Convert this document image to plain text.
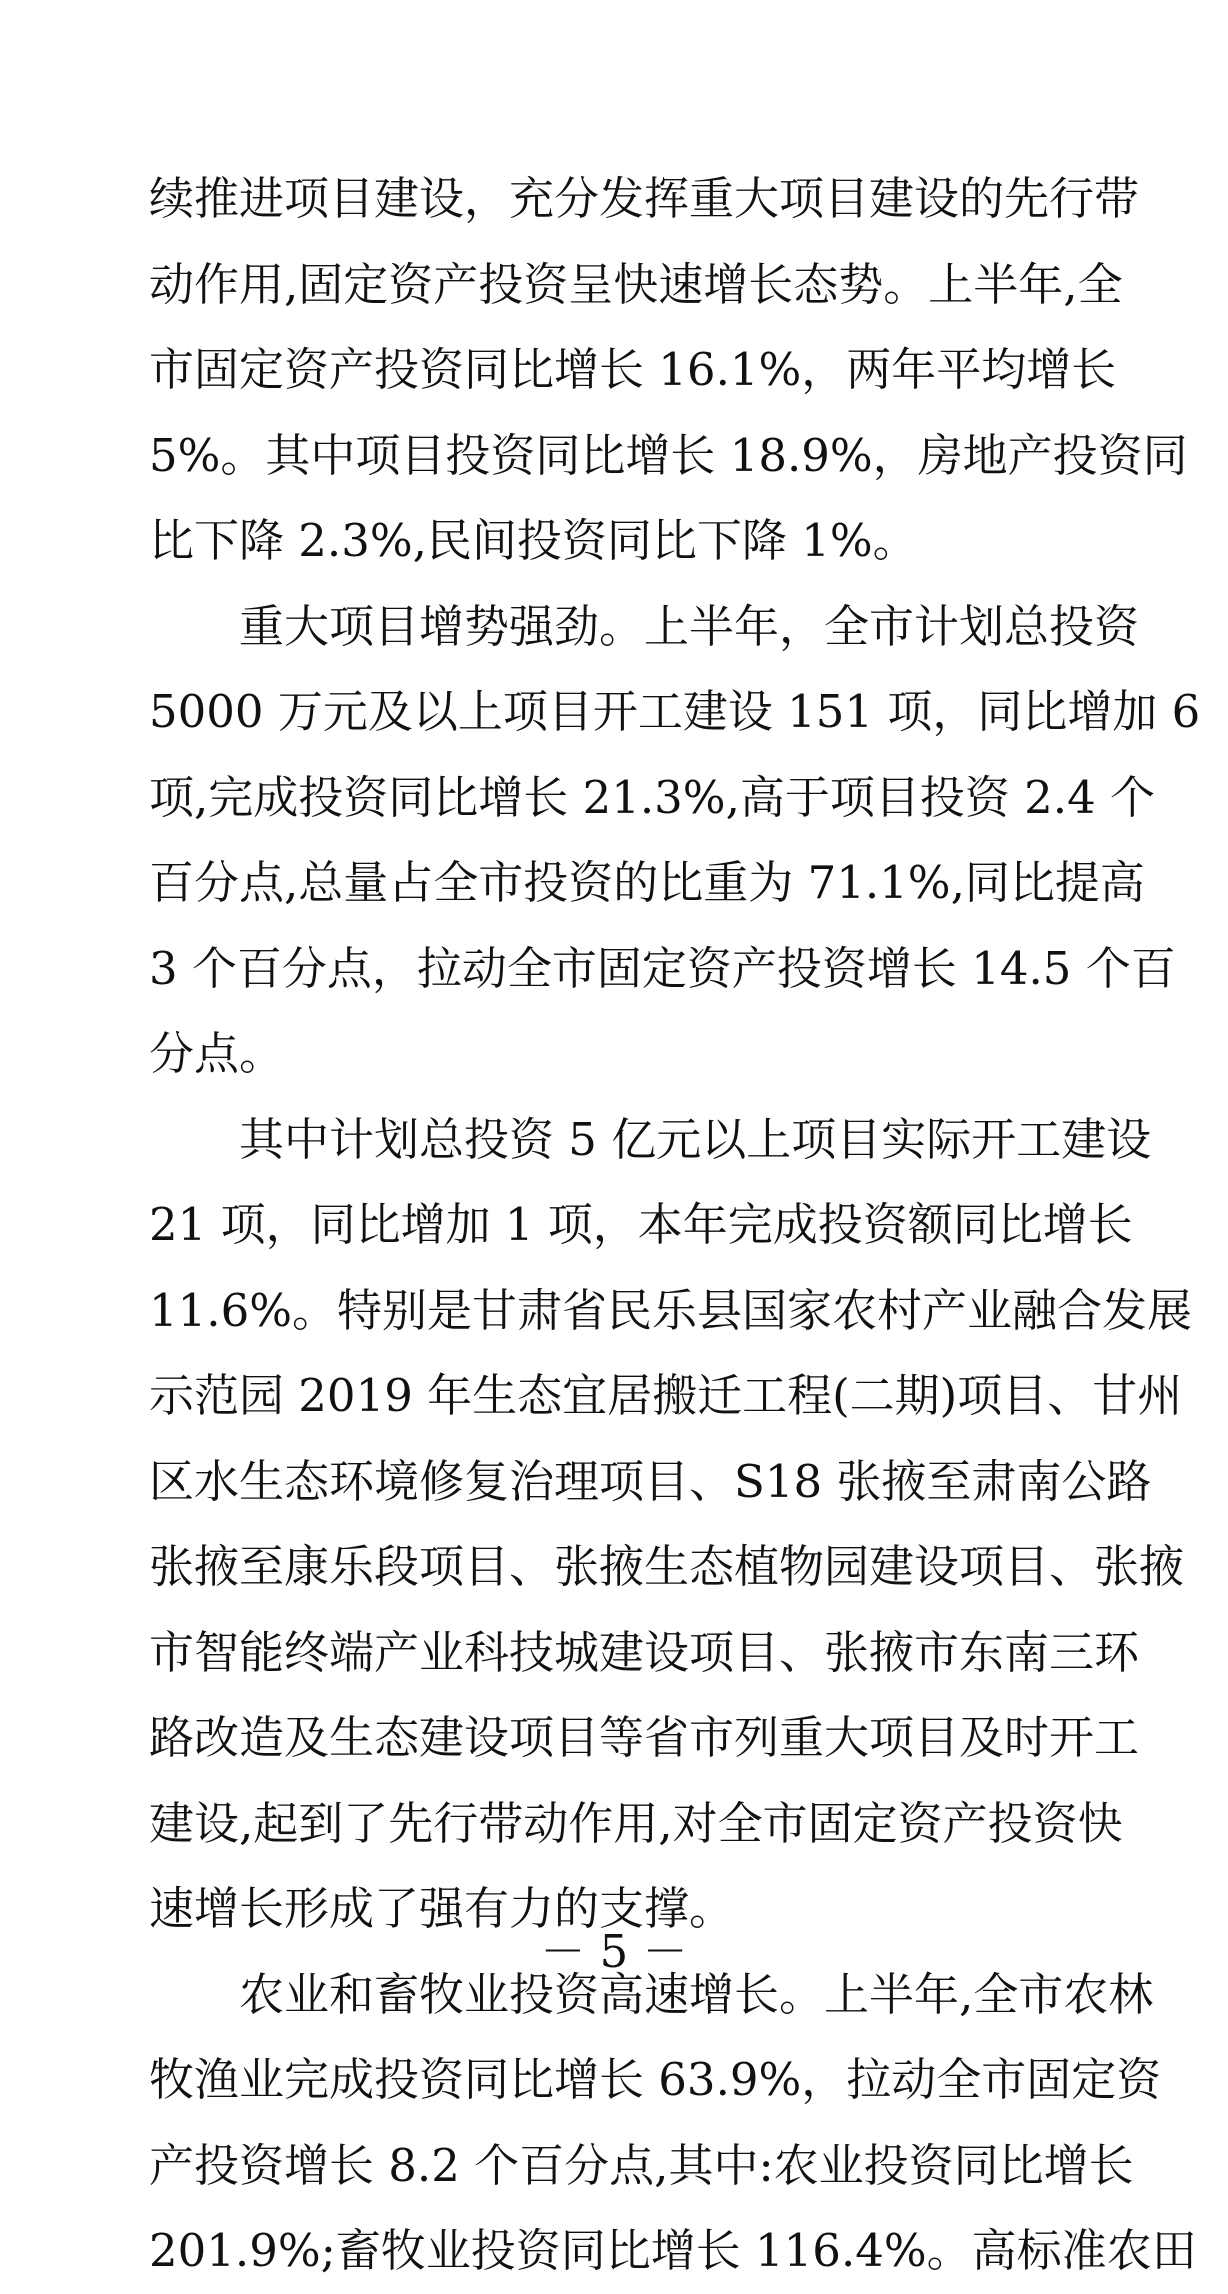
续推进项目建设，充分发挥重大项目建设的先行带
动作用,固定资产投资呈快速增长态势。上半年,全
市固定资产投资同比增长 16.1%，两年平均增长
5%。其中项目投资同比增长 18.9%，房地产投资同
比下降 2.3%,民间投资同比下降 1%。
重大项目增势强劲。上半年，全市计划总投资
5000 万元及以上项目开工建设 151 项，同比增加 6
项,完成投资同比增长 21.3%,高于项目投资 2.4 个
百分点,总量占全市投资的比重为 71.1%,同比提高
3 个百分点，拉动全市固定资产投资增长 14.5 个百
分点。
其中计划总投资 5 亿元以上项目实际开工建设
21 项，同比增加 1 项，本年完成投资额同比增长
11.6%。特别是甘肃省民乐县国家农村产业融合发展
示范园 2019 年生态宜居搬迁工程(二期)项目、甘州
区水生态环境修复治理项目、S18 张掖至肃南公路
张掖至康乐段项目、张掖生态植物园建设项目、张掖
市智能终端产业科技城建设项目、张掖市东南三环
路改造及生态建设项目等省市列重大项目及时开工
建设,起到了先行带动作用,对全市固定资产投资快
速增长形成了强有力的支撑。
农业和畜牧业投资高速增长。上半年,全市农林
牧渔业完成投资同比增长 63.9%，拉动全市固定资
产投资增长 8.2 个百分点,其中:农业投资同比增长
201.9%;畜牧业投资同比增长 116.4%。高标准农田
－ 5 －
